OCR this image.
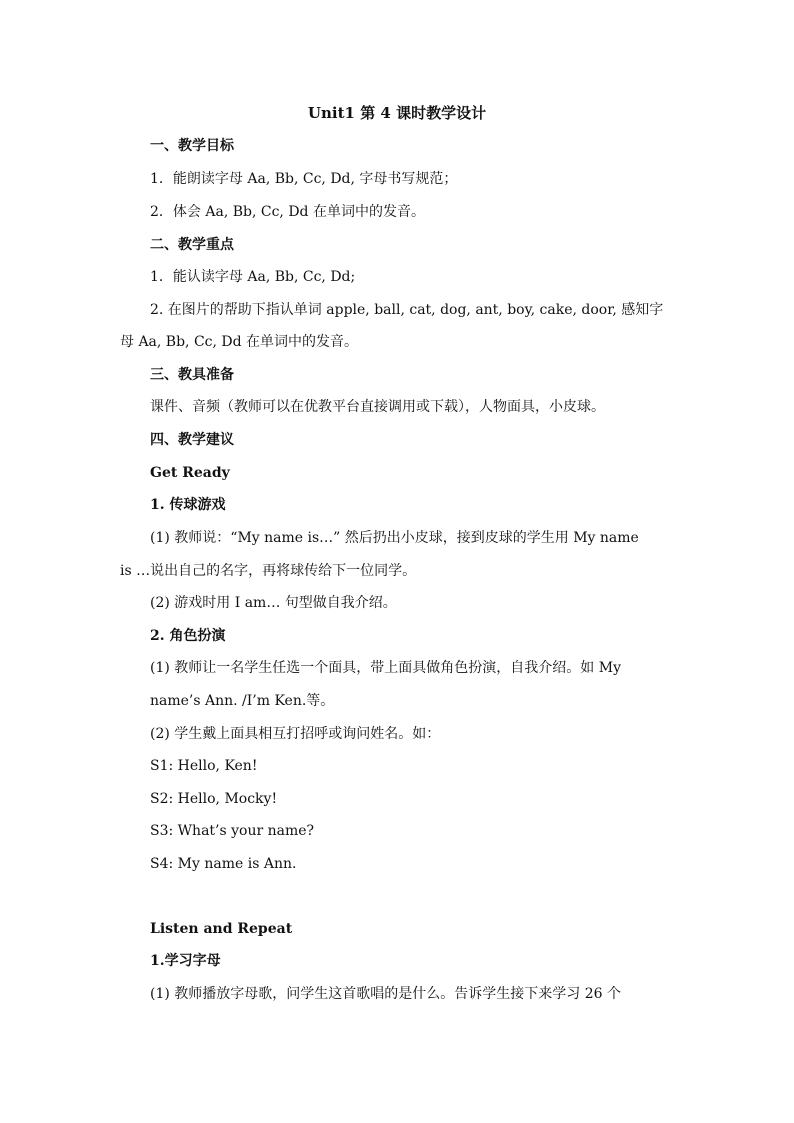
Unit1 第 4 课时教学设计
一、教学目标
1．能朗读字母 Aa, Bb, Cc, Dd, 字母书写规范；
2．体会 Aa, Bb, Cc, Dd 在单词中的发音。
二、教学重点
1．能认读字母 Aa, Bb, Cc, Dd;
2. 在图片的帮助下指认单词 apple, ball, cat, dog, ant, boy, cake, door, 感知字
母 Aa, Bb, Cc, Dd 在单词中的发音。
三、教具准备
课件、音频（教师可以在优教平台直接调用或下载），人物面具，小皮球。
四、教学建议
Get Ready
1. 传球游戏
(1) 教师说：“My name is…” 然后扔出小皮球，接到皮球的学生用 My name
is …说出自己的名字，再将球传给下一位同学。
(2) 游戏时用 I am… 句型做自我介绍。
2. 角色扮演
(1) 教师让一名学生任选一个面具，带上面具做角色扮演，自我介绍。如 My
name’s Ann. /I’m Ken.等。
(2) 学生戴上面具相互打招呼或询问姓名。如：
S1: Hello, Ken!
S2: Hello, Mocky!
S3: What’s your name?
S4: My name is Ann.
Listen and Repeat
1.学习字母
(1) 教师播放字母歌，问学生这首歌唱的是什么。告诉学生接下来学习 26 个
